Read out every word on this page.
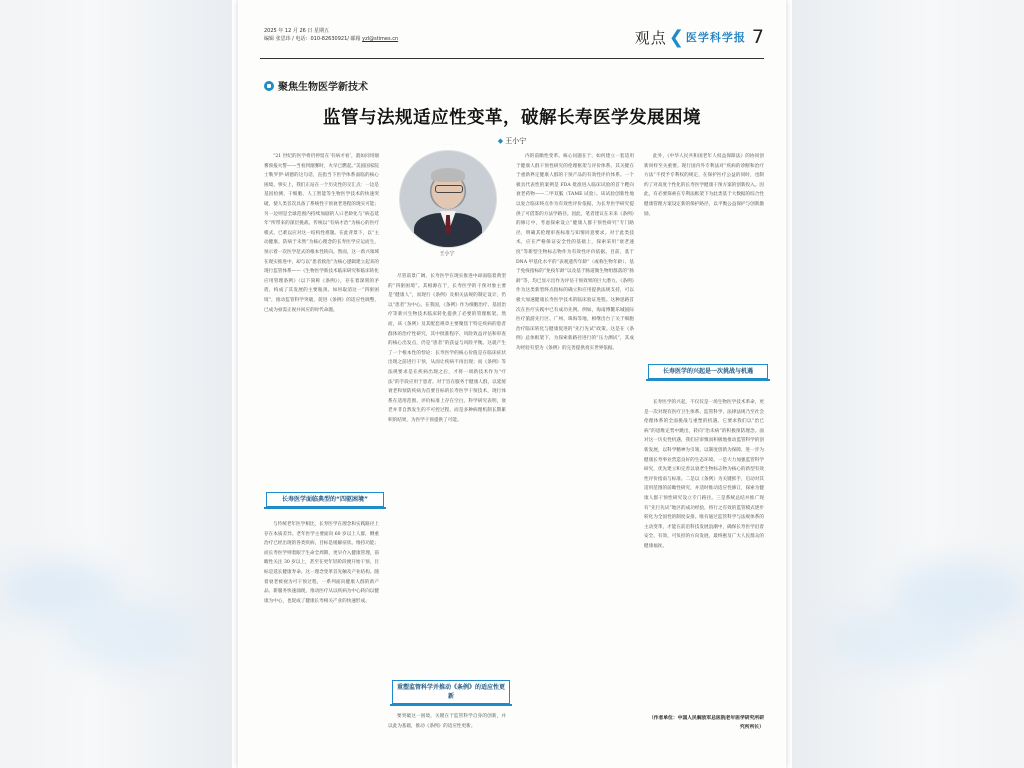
2025 年 12 月 26 日 星期五
编辑 张思玮 / 电话：010-82630921/ 邮箱 yzl@stimes.cn	观点 ❮ 医学科学报 7
聚焦生物医学新技术
监管与法规适应性变革，破解长寿医学发展困境
◆ 王小宁

“21 世纪的医学将仍停留在‘有病才看’，就如同用烟雾预报火警——当看到烟雾时，火早已燃起。”美国国家院士勒罗伊·胡德的这句话，直指当下医学体系面临的核心困境。事实上，我们正站在一个历史性的交汇点：一边是基因检测、干细胞、人工智能等生物医学技术的快速突破，使人类首次具备了系统性干预衰老进程的现实可能；另一边则是全球范围内持续加剧的人口老龄化与“病态延年”所带来的深层挑战。传统以“有病才治”为核心的医疗模式，已难以应对这一结构性难题。在此背景下，以“主动健康、防病于未然”为核心理念的长寿医学应运而生，预示着一次医学范式的根本性转向。然而，这一新兴领域在现实推进中，却与以“患者救治”为核心逻辑建立起来的现行监管体系——《生物医学新技术临床研究和临床转化应用管理条例》（以下简称《条例》），存在着深刻的矛盾，构成了其发展的主要瓶颈。如何取消这一“四驱困境”，推动监管科学突破，促进《条例》的适应性调整，已成为亟需正视并回应的时代命题。

长寿医学面临典型的“四驱困境”

与传统老年医学相比，长寿医学在理念和实践路径上存在本质差异。老年医学主要面向 60 岁以上人群，侧重治疗已经出现的各类疾病，目标是缓解症状、维持功能；而长寿医学则着眼于生命全周期，更早介入健康管理，前瞻性关注 30 岁以上，甚至在更年轻阶段便开始干预，目标是延长健康寿命。这一理念变革首先触及产业结构。随着衰老被视为可干预过程，一系列面向健康人群的新产品、新服务快速涌现，推动医疗从以疾病为中心转向以健康为中心，也促成了健康长寿相关产业的快速形成。

王小宁

尽管前景广阔，长寿医学在现实推进中却面临着典型的“四驱困境”。其根源在于，长寿医学的干预对象主要是“健康人”，而现行《条例》及相关法规的制定设计，仍以“患者”为中心。在我国，《条例》作为细胞治疗、基因治疗等新兴生物技术临床转化提供了必要的管理框架。然而，该《条例》及其配套规章主要聚焦于特定疾病的患者群体的治疗性研究，其中批准程序、风险效益评估和审查的核心出发点，仍是“患者”的获益与风险平衡。这就产生了一个根本性的悖论：长寿医学的核心价值是在临床症状出现之前进行干预，从而让疾病不再出现；而《条例》等法规要求是在疾病出现之后，才将一项新技术作为“疗法”的手段应用于患者。对于旨在服务于健康人群，以延缓衰老和预防疾病为首要目标的长寿医学干预技术，现行体系在适用范围、评价标准上存在空白。科学研究表明，衰老并非自然发生的不可控过程，而是多种病理机制长期累积的结果，为医学干预提供了可能。

重塑监管科学并推动《条例》的适应性更新

要突破这一困境，关键在于监管科学自身的创新，并以此为基础，推动《条例》的适应性更新。

内的前瞻性变革。核心问题在于，如何建立一套适用于健康人群干预性研究的伦理框架与评价体系。其关键在于重新界定健康人群的干预产品的有效性评价体系。一个极具代表性的案例是 FDA 批准进入临床试验的首个靶向衰老药物——二甲双胍（TAME 试验）。该试验创新性地以复合临床终点作为有效性评价依据，为长寿医学研究提供了可借鉴的方法学路径。因此，笔者建议在未来《条例》的修订中，考虑探索设立“健康人群干预性研究”专门路径，明确其伦理审查标准与知情同意要求。对于此类技术，应在严格保证安全性的基础上，探索采用“衰老速度”等新型生物标志物作为有效性评价依据。目前，基于 DNA 甲基化水平的“表观遗传年龄”（或称生物年龄）、基于免疫指标的“免疫年龄”以及基于肠道微生物组群落的“肠龄”等，均已显示出作为评估干预效果的巨大潜力。《条例》作为这类新型终点指标的确立和应用提供法规支持，可以极大加速健康长寿医学技术的临床验证进程。这种思路首次在医疗实践中已有成功先例。例如，海南博鳌乐城国际医疗旅游先行区、广州、珠海等地，相继出台了关于细胞治疗临床转化与健康促进的“先行先试”政策。这是在《条例》总体框架下，为探索新路径进行的“压力测试”，其成功经验有望为《条例》的完善提供真实世界依据。

此外，《中华人民共和国老年人权益保障法》的协同创新同样至关重要。现行国内外专利法对“疾病的诊断和治疗方法”不授予专利权的规定，在保护医疗公益的同时，也制约了对高度个性化的长寿医学健康干预方案的创新投入。因此，有必要探索在专利法框架下为此类基于大数据的综合性健康管理方案设定新的保护路径，以平衡公益保护与创新激励。

长寿医学的兴起是一次挑战与机遇

长寿医学的兴起，不仅仅是一场生物医学技术革命，更是一次对现有医疗卫生体系、监管科学、法律法规乃至社会伦理体系的全面挑战与重塑的机遇。它要求我们以“治已病”的思维定势中跳出，转向“治未病”的积极预防理念。面对这一历史性机遇，我们应审慎而积极地推动监管科学的创新发展，以科学精神为引领，以制度创新为保障，进一步为健康长寿事业营造良好的生态环境。一是大力加强监管科学研究，优先建立和完善以衰老生物标志物为核心的新型有效性评价指南与标准。二是以《条例》为关键抓手，启动对其适用范围的前瞻性研究，并适时推动适应性修订，探索为健康人群干预性研究设立专门路径。三是系统总结并推广现有“先行先试”地区的成功经验，将行之有效的监管模式逐步转化为全国性的制度安排。唯有通过监管科学与法规体系的主动变革，才能在前沿科技发展浪潮中，确保长寿医学沿着安全、有效、可负担的方向发展，最终惠及广大人民群众的健康福祉。

（作者单位：中国人民解放军总医院老年医学研究所研究所所长）
